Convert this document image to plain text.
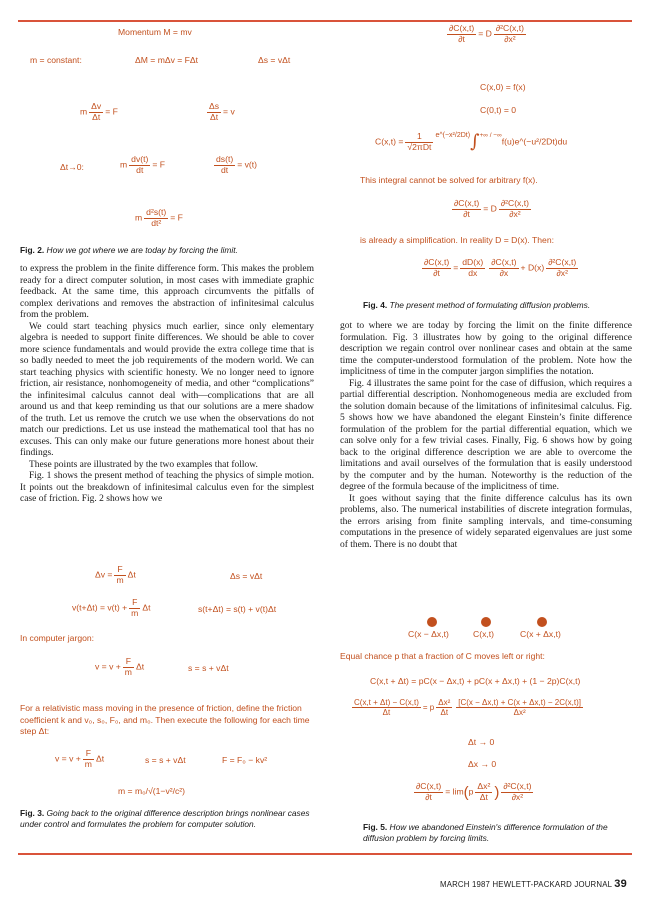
Momentum M = mv
m = constant:	ΔM = mΔv = FΔt	Δs = vΔt
m $\frac{\Delta v}{\Delta t} = F$	$\frac{\Delta s}{\Delta t} = v$
Δt→0:	m $\frac{dv(t)}{dt} = F$	$\frac{ds(t)}{dt} = v(t)$
m $\frac{\text{d²s(t)}}{\text{dt²}} = F$
Fig. 2. How we got where we are today by forcing the limit.

to express the problem in the finite difference form. This makes the problem ready for a direct computer solution, in most cases with immediate graphic feedback. At the same time, this approach circumvents the pitfalls of complex derivations and removes the abstraction of infinitesimal calculus from the problem.

We could start teaching physics much earlier, since only elementary algebra is needed to support finite differences. We should be able to cover more science fundamentals and would provide the extra college time that is so badly needed to meet the job requirements of the modern world. We can start teaching physics with scientific honesty. We no longer need to ignore friction, air resistance, nonhomogeneity of media, and other “complications” the infinitesimal calculus cannot deal with—complications that are all around us and that keep reminding us that our solutions are a mere shadow of the truth. Let us remove the crutch we use when the observations do not match our predictions. Let us use instead the mathematical tool that has no excuses. This can only make our future generations more honest about their findings.

These points are illustrated by the two examples that follow.

Fig. 1 shows the present method of teaching the physics of simple motion. It points out the breakdown of infinitesimal calculus even for the simplest case of friction. Fig. 2 shows how we

$\Delta v = \frac{F}{m}$ Δt	Δs = vΔt
$v(t+\Delta t) = v(t) + \frac{F}{m}$ Δt	s(t+Δt) = s(t) + v(t)Δt
In computer jargon:
$v = v + \frac{F}{m}$ Δt	s = s + vΔt
For a relativistic mass moving in the presence of friction, define the friction coefficient k and v₀, s₀, F₀, and m₀. Then execute the following for each time step Δt:
$v = v + \frac{F}{m}$ Δt	s = s + vΔt	F = F₀ − kv²
m = m₀/√(1−v²/c²)
Fig. 3. Going back to the original difference description brings nonlinear cases under control and formulates the problem for computer solution.
$\frac{\partial C(x,t)}{\partial t} = D \frac{\text{∂²C(x,t)}}{\text{∂x²}}$
C(x,0) = f(x)
C(0,t) = 0
C(x,t) =
1
√2πDt
$^{e\^{}(-x^2/2Dt)}$∫+∞ / −∞f(u)e^(−u²/2Dt)du
This integral cannot be solved for arbitrary f(x).
$\frac{\partial C(x,t)}{\partial t} = D \frac{\text{∂²C(x,t)}}{\text{∂x²}}$
is already a simplification. In reality D = D(x). Then:
$\frac{\partial C(x,t)}{\partial t} = \frac{dD(x)}{dx} \frac{\partial C(x,t)}{\partial x} + D(x) \frac{\text{∂²C(x,t)}}{\text{∂x²}}$
Fig. 4. The present method of formulating diffusion problems.

got to where we are today by forcing the limit on the finite difference formulation. Fig. 3 illustrates how by going to the original difference description we regain control over nonlinear cases and obtain at the same time the computer-understood formulation of the problem. Note how the implicitness of time in the computer jargon simplifies the notation.

Fig. 4 illustrates the same point for the case of diffusion, which requires a partial differential description. Nonhomogeneous media are excluded from the solution domain because of the limitations of infinitesimal calculus. Fig. 5 shows how we have abandoned the elegant Einstein’s finite difference formulation of the problem for the partial differential equation, which we can solve only for a few trivial cases. Finally, Fig. 6 shows how by going back to the original difference description we are able to overcome the limitations and avail ourselves of the formulation that is easily understood by the computer and by the human. Noteworthy is the reduction of the degree of the formula because of the implicitness of time.

It goes without saying that the finite difference calculus has its own problems, also. The numerical instabilities of discrete integration formulas, the errors arising from finite sampling intervals, and time-consuming computations in the presence of widely separated eigenvalues are just some of them. There is no doubt that

C(x − Δx,t)	C(x,t)	C(x + Δx,t)
Equal chance p that a fraction of C moves left or right:
C(x,t + Δt) = pC(x − Δx,t) + pC(x + Δx,t) + (1 − 2p)C(x,t)
$\frac{C(x,t + \Delta t) - C(x,t)}{\Delta t} = p \frac{\text{Δx²}}{\Delta t} \frac{[C(x - \Delta x,t) + C(x + \Delta x,t) - 2C(x,t)]}{\text{Δx²}}$
Δt → 0
Δx → 0
$\frac{\partial C(x,t)}{\partial t} = \lim(p \frac{\text{Δx²}}{\Delta t}$ ) $\frac{\text{∂²C(x,t)}}{\text{∂x²}}$
Fig. 5. How we abandoned Einstein's difference formulation of the diffusion problem by forcing limits.
MARCH 1987 HEWLETT-PACKARD JOURNAL 39
